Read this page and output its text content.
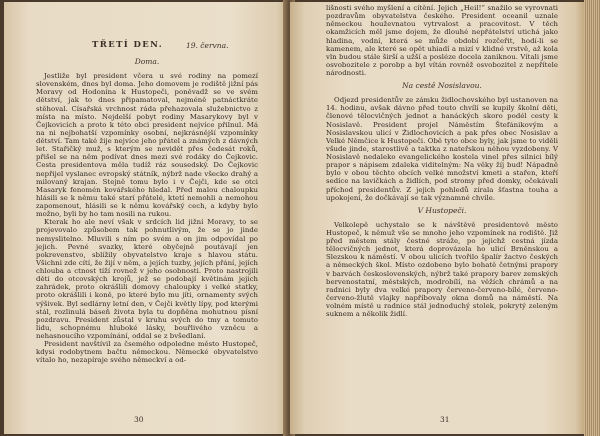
TŘETÍ DEN.	19. června.
Doma.

Jestliže byl president včera u své rodiny na pomezí slovenském, dnes byl doma. Jeho domovem je rodiště jižní pás Moravy od Hodonína k Hustopeči, poněvadž se ve svém dětství, jak to dnes připamatoval, nejméně patnáctkráte stěhoval. Císařská vrchnost ráda přehazovala služebnictvo z místa na místo. Nejdelší pobyt rodiny Masarykovy byl v Čejkovicích a proto k této obci president nejvíce přilnul. Má na ni nejbohatší vzpomínky osobní, nejkrásnější vzpomínky dětství. Tam také žije nejvíce jeho přátel a známých z dávných let. Stařičký muž, s kterým se nevidět přes čedesát roků, přišel se na něm podívat dnes mezi své rodáky do Čejkovic. Cesta presidentova měla tudíž ráz sousedský. Do Čejkovic nepřijel vyslanec evropský státník, nýbrž nade všecko drahý a milovaný krajan. Stejně tomu bylo i v Čejči, kde se otci Masaryk fenomén kovářského hledal. Před malou chaloupku hlásili se k němu také starí přátelé, ktetí nemohli a nemohou zapomenout, hlásili se k němu kovářský cech, a kdyby bylo možno, byli by ho tam nosili na rukou.

Kterak ho ale neví však v srdcích lid jižní Moravy, to se projevovalo způsobem tak pohnutlivým, že se jo jinde nemyslitelno. Mluvili s ním po svém a on jim odpovídal po jejich. Pevné svazky, které obyčejně poutávají jen pokrevenstvo, sblížily obyvatelstvo kraje s hlavou státu. Všichni zde cítí, že žijí v něm, a jejích tuzby, jejích přání, jejích chlouba a ctnost tíží rovnež v jeho osobnosti. Proto nastrojili děti do otcovských krojů, jež se podobají květinám jejich zahrádek, proto okrášlili domovy chaloupky i velké statky, proto okrášlili i koně, po které bylo mu jíti, ornamenty svých výšivek. Byl sedlárny letní den, v Čejči květly lípy, pod kterými stál, rozlinulá báseň života byla tu dopňěna mohutnou písní pozdravu. President zůstal v kruhu svých do tmy a tomuto lidu, schopnému hluboké lásky, bouřlivého vzněcu a nehasnoucího vzpomínání, oddal se z bvšedlaní.

President navštívil za čsemého odpoledne město Hustopeč, kdysi rodobytnem bačtu německou. Německé obyvatelstvo vítalo ho, nezapíraje svého německví a od-

30

lišnosti svého myšlení a cítění. Jejich „Heil!“ snažilo se vyrovnati pozdravům obyvatelstva českého. President oceanil uznale německou houževnatou vytrvalost a pracovitost. V těch okamžicích měl jsme dojem, že dlouhé nepřátelství utichá jako hladina, vodní, která se může období rozčeřit, hodí-li se kamenem, ale které se opět uhiadí a mizí v klidné vrstvě, až kola vln budou stále širší a užší a posléze docela zaniknou. Vítali jsme osvobozitele z porobp a byl vítán rovněž osvobozitel z nepřítele národnosti.

Na cestě Nosislavou.

Odjezd presidentův ze zámku židlochovského byl ustanoven na 14. hodinu, avšak dávno před touto chvílí se kupily školní děti, členové tělocvičných jednot a hanáckých skoro podél cesty k Nosislavě. President projel Náměstím Štefánikovým a Nosislavskou ulicí v Židlochovicích a pak přes obec Nosislav a Velké Němčice k Hustopeči. Obě tyto obce byly, jak jsme to viděli všude jinde, starostlivě a taktka z nateřskou něhou vyzdobeny. V Nosislavě nedaleko evangelického kostela vinel přes silnici bílý prapor s nápisem zdaleka viditelným: Na věky žíj bud! Nápadně bylo v obou těchto obcích velké množství kmeti a stařen, kteří sedíce na lavičkách a židlích, pod stromy před domky, očekávali příchod presidentův. Z jejich pohledů zírala šťastna touha a upokojení, že dočkávají se tak významné chvíle.

V Hustopeči.

Velkolepě uchystalo se k návštěvě presidentově město Hustopeč, k němuž vše se mnoho jeho vzpomínek na rodiště. Již před městem stály čestné stráže, po jejichž cestná jízda tělocvičných jednot, která doprovázela ho ulicí Brněnskou a Slezskou k náměstí. V obou ulicích tvořilo špalír žactvo českých a německých škol. Místo ozdobeno bylo bohatě četnými prapory v barvách československých, nýbrž také prapory barev zemských bervenostatní, městských, modrobílí, na věžích chrámů a na radnici byly dva velké prapory červeno-červeno-bílé, červeno-červeno-žlutě vlajky napříbovaly okna domů na náměstí. Na volném místě u radnice stál jednoduchý stolek, pokrytý zeleným suknem a několik židlí.

31
